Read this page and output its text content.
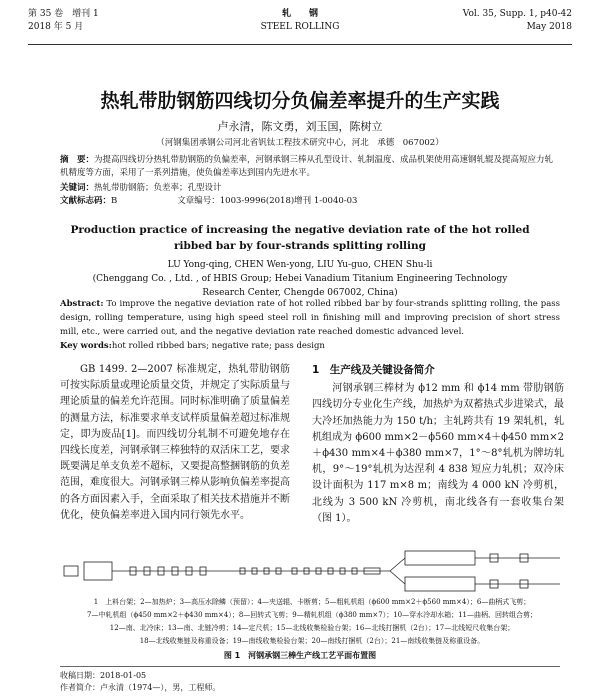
第 35 卷　增刊 1
2018 年 5 月
轧　　钢
STEEL ROLLING
Vol. 35, Supp. 1, p40-42
May 2018
热轧带肋钢筋四线切分负偏差率提升的生产实践
卢永清，陈文勇，刘玉国，陈树立
（河钢集团承钢公司河北省钒钛工程技术研究中心，河北　承德　067002）
摘　要：为提高四线切分热轧带肋钢筋的负偏差率，河钢承钢三棒从孔型设计、轧制温度、成品机架使用高速钢轧辊及提高短应力轧机精度等方面，采用了一系列措施，使负偏差率达到国内先进水平。
关键词：热轧带肋钢筋；负差率；孔型设计
文献标志码：B	文章编号：1003-9996(2018)增刊 1-0040-03
Production practice of increasing the negative deviation rate of the hot rolled
ribbed bar by four-strands splitting rolling
LU Yong-qing, CHEN Wen-yong, LIU Yu-guo, CHEN Shu-li
(Chenggang Co. , Ltd. , of HBIS Group; Hebei Vanadium Titanium Engineering Technology
Research Center, Chengde 067002, China)
Abstract: To improve the negative deviation rate of hot rolled ribbed bar by four-strands splitting rolling, the pass design, rolling temperature, using high speed steel roll in finishing mill and improving precision of short stress mill, etc., were carried out, and the negative deviation rate reached domestic advanced level.
Key words:hot rolled ribbed bars; negative rate; pass design
GB 1499. 2—2007 标准规定，热轧带肋钢筋可按实际质量或理论质量交货，并规定了实际质量与理论质量的偏差允许范围。同时标准明确了质量偏差的测量方法，标准要求单支试样质量偏差超过标准规定，即为废品[1]。而四线切分轧制不可避免地存在四线长度差，河钢承钢三棒独特的双活床工艺，要求既要满足单支负差不超标，又要提高整捆钢筋的负差范围，难度很大。河钢承钢三棒从影响负偏差率提高的各方面因素入手，全面采取了相关技术措施并不断优化，使负偏差率进入国内同行领先水平。
1　生产线及关键设备简介
河钢承钢三棒材为 ϕ12 mm 和 ϕ14 mm 带肋钢筋四线切分专业化生产线，加热炉为双蓄热式步进梁式，最大冷坯加热能力为 150 t/h；主轧跨共有 19 架轧机，轧机组成为 ϕ600 mm×2－ϕ560 mm×4＋ϕ450 mm×2＋ϕ430 mm×4＋ϕ380 mm×7，1°～8°轧机为牌坊轧机，9°～19°轧机为达涅利 4 838 短应力轧机；双冷床设计面积为 117 m×8 m；南线为 4 000 kN 冷剪机，北线为 3 500 kN 冷剪机，南北线各有一套收集台架（图 1）。
1　上料台架；2—加热炉；3—高压水除鳞（预留）；4—夹送辊、卡断剪；5—粗轧机组（ϕ600 mm×2＋ϕ560 mm×4）；6—曲柄式飞剪；
7—中轧机组（ϕ450 mm×2＋ϕ430 mm×4）；8—回转式飞剪；9—精轧机组（ϕ380 mm×7）；10—穿水冷却水箱；11—曲柄、回转组合剪；
12—南、北冷床；13—南、北链冷剪；14—定尺机；15—北线收集检验台架；16—北线打捆机（2台）；17—北线短尺收集台架；
18—北线收集链及称重设备；19—南线收集检验台架；20—南线打捆机（2台）；21—南线收集链及称重设备。
图 1　河钢承钢三棒生产线工艺平面布置图
收稿日期：2018-01-05
作者简介：卢永清（1974—），男，工程师。
